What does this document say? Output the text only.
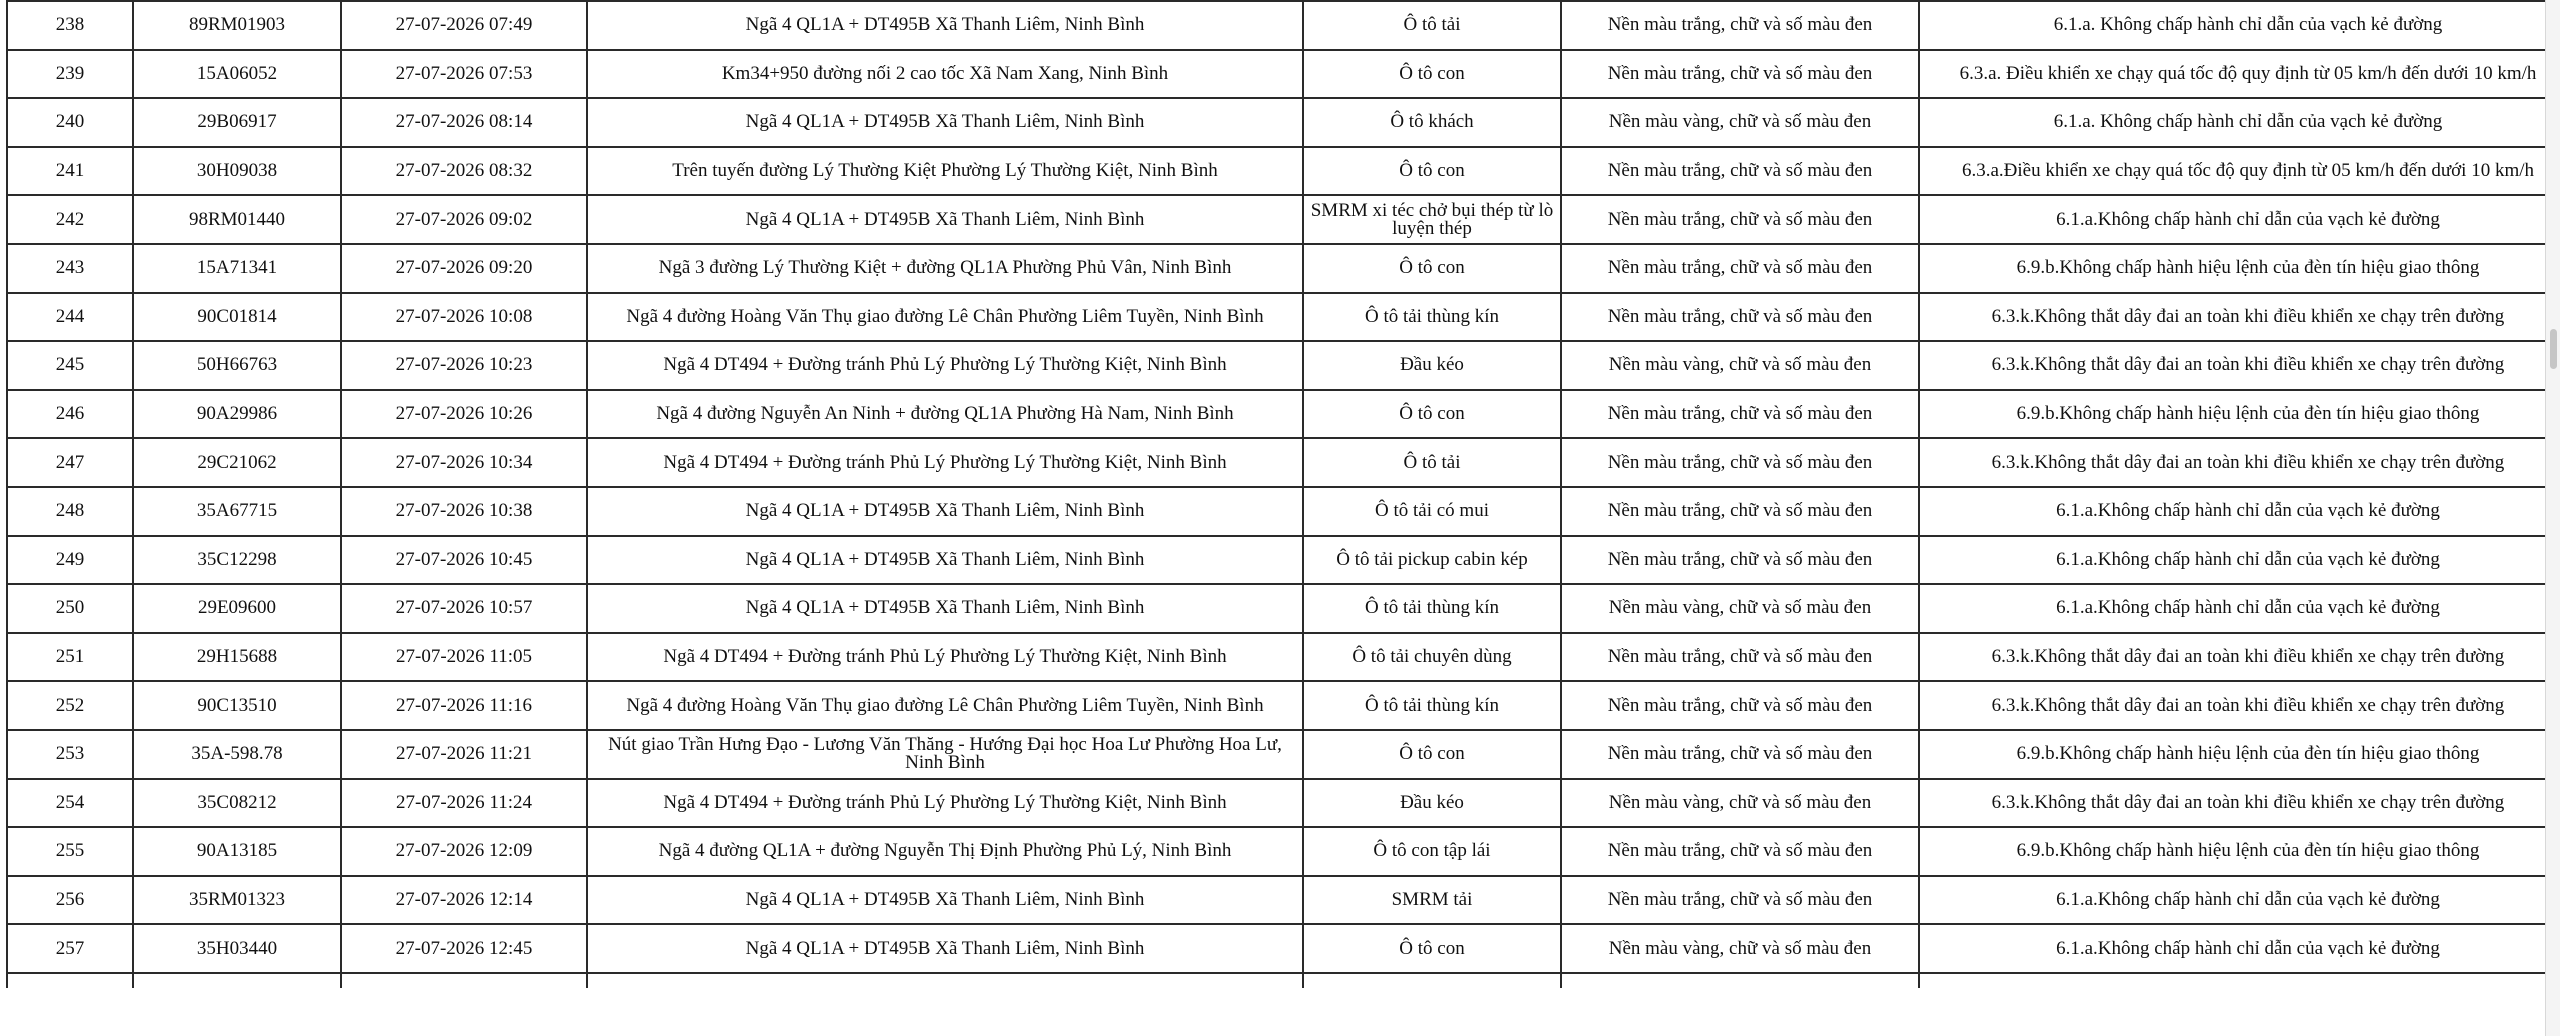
238	89RM01903	27-07-2026 07:49	Ngã 4 QL1A + DT495B Xã Thanh Liêm, Ninh Bình	Ô tô tải	Nền màu trắng, chữ và số màu đen	6.1.a. Không chấp hành chỉ dẫn của vạch kẻ đường
239	15A06052	27-07-2026 07:53	Km34+950 đường nối 2 cao tốc Xã Nam Xang, Ninh Bình	Ô tô con	Nền màu trắng, chữ và số màu đen	6.3.a. Điều khiển xe chạy quá tốc độ quy định từ 05 km/h đến dưới 10 km/h
240	29B06917	27-07-2026 08:14	Ngã 4 QL1A + DT495B Xã Thanh Liêm, Ninh Bình	Ô tô khách	Nền màu vàng, chữ và số màu đen	6.1.a. Không chấp hành chỉ dẫn của vạch kẻ đường
241	30H09038	27-07-2026 08:32	Trên tuyến đường Lý Thường Kiệt Phường Lý Thường Kiệt, Ninh Bình	Ô tô con	Nền màu trắng, chữ và số màu đen	6.3.a.Điều khiển xe chạy quá tốc độ quy định từ 05 km/h đến dưới 10 km/h
242	98RM01440	27-07-2026 09:02	Ngã 4 QL1A + DT495B Xã Thanh Liêm, Ninh Bình	SMRM xi téc chở bụi thép từ lò luyện thép	Nền màu trắng, chữ và số màu đen	6.1.a.Không chấp hành chỉ dẫn của vạch kẻ đường
243	15A71341	27-07-2026 09:20	Ngã 3 đường Lý Thường Kiệt + đường QL1A Phường Phủ Vân, Ninh Bình	Ô tô con	Nền màu trắng, chữ và số màu đen	6.9.b.Không chấp hành hiệu lệnh của đèn tín hiệu giao thông
244	90C01814	27-07-2026 10:08	Ngã 4 đường Hoàng Văn Thụ giao đường Lê Chân Phường Liêm Tuyền, Ninh Bình	Ô tô tải thùng kín	Nền màu trắng, chữ và số màu đen	6.3.k.Không thắt dây đai an toàn khi điều khiển xe chạy trên đường
245	50H66763	27-07-2026 10:23	Ngã 4 DT494 + Đường tránh Phủ Lý Phường Lý Thường Kiệt, Ninh Bình	Đầu kéo	Nền màu vàng, chữ và số màu đen	6.3.k.Không thắt dây đai an toàn khi điều khiển xe chạy trên đường
246	90A29986	27-07-2026 10:26	Ngã 4 đường Nguyễn An Ninh + đường QL1A Phường Hà Nam, Ninh Bình	Ô tô con	Nền màu trắng, chữ và số màu đen	6.9.b.Không chấp hành hiệu lệnh của đèn tín hiệu giao thông
247	29C21062	27-07-2026 10:34	Ngã 4 DT494 + Đường tránh Phủ Lý Phường Lý Thường Kiệt, Ninh Bình	Ô tô tải	Nền màu trắng, chữ và số màu đen	6.3.k.Không thắt dây đai an toàn khi điều khiển xe chạy trên đường
248	35A67715	27-07-2026 10:38	Ngã 4 QL1A + DT495B Xã Thanh Liêm, Ninh Bình	Ô tô tải có mui	Nền màu trắng, chữ và số màu đen	6.1.a.Không chấp hành chỉ dẫn của vạch kẻ đường
249	35C12298	27-07-2026 10:45	Ngã 4 QL1A + DT495B Xã Thanh Liêm, Ninh Bình	Ô tô tải pickup cabin kép	Nền màu trắng, chữ và số màu đen	6.1.a.Không chấp hành chỉ dẫn của vạch kẻ đường
250	29E09600	27-07-2026 10:57	Ngã 4 QL1A + DT495B Xã Thanh Liêm, Ninh Bình	Ô tô tải thùng kín	Nền màu vàng, chữ và số màu đen	6.1.a.Không chấp hành chỉ dẫn của vạch kẻ đường
251	29H15688	27-07-2026 11:05	Ngã 4 DT494 + Đường tránh Phủ Lý Phường Lý Thường Kiệt, Ninh Bình	Ô tô tải chuyên dùng	Nền màu trắng, chữ và số màu đen	6.3.k.Không thắt dây đai an toàn khi điều khiển xe chạy trên đường
252	90C13510	27-07-2026 11:16	Ngã 4 đường Hoàng Văn Thụ giao đường Lê Chân Phường Liêm Tuyền, Ninh Bình	Ô tô tải thùng kín	Nền màu trắng, chữ và số màu đen	6.3.k.Không thắt dây đai an toàn khi điều khiển xe chạy trên đường
253	35A-598.78	27-07-2026 11:21	Nút giao Trần Hưng Đạo - Lương Văn Thăng - Hướng Đại học Hoa Lư Phường Hoa Lư, Ninh Bình	Ô tô con	Nền màu trắng, chữ và số màu đen	6.9.b.Không chấp hành hiệu lệnh của đèn tín hiệu giao thông
254	35C08212	27-07-2026 11:24	Ngã 4 DT494 + Đường tránh Phủ Lý Phường Lý Thường Kiệt, Ninh Bình	Đầu kéo	Nền màu vàng, chữ và số màu đen	6.3.k.Không thắt dây đai an toàn khi điều khiển xe chạy trên đường
255	90A13185	27-07-2026 12:09	Ngã 4 đường QL1A + đường Nguyễn Thị Định Phường Phủ Lý, Ninh Bình	Ô tô con tập lái	Nền màu trắng, chữ và số màu đen	6.9.b.Không chấp hành hiệu lệnh của đèn tín hiệu giao thông
256	35RM01323	27-07-2026 12:14	Ngã 4 QL1A + DT495B Xã Thanh Liêm, Ninh Bình	SMRM tải	Nền màu trắng, chữ và số màu đen	6.1.a.Không chấp hành chỉ dẫn của vạch kẻ đường
257	35H03440	27-07-2026 12:45	Ngã 4 QL1A + DT495B Xã Thanh Liêm, Ninh Bình	Ô tô con	Nền màu vàng, chữ và số màu đen	6.1.a.Không chấp hành chỉ dẫn của vạch kẻ đường
